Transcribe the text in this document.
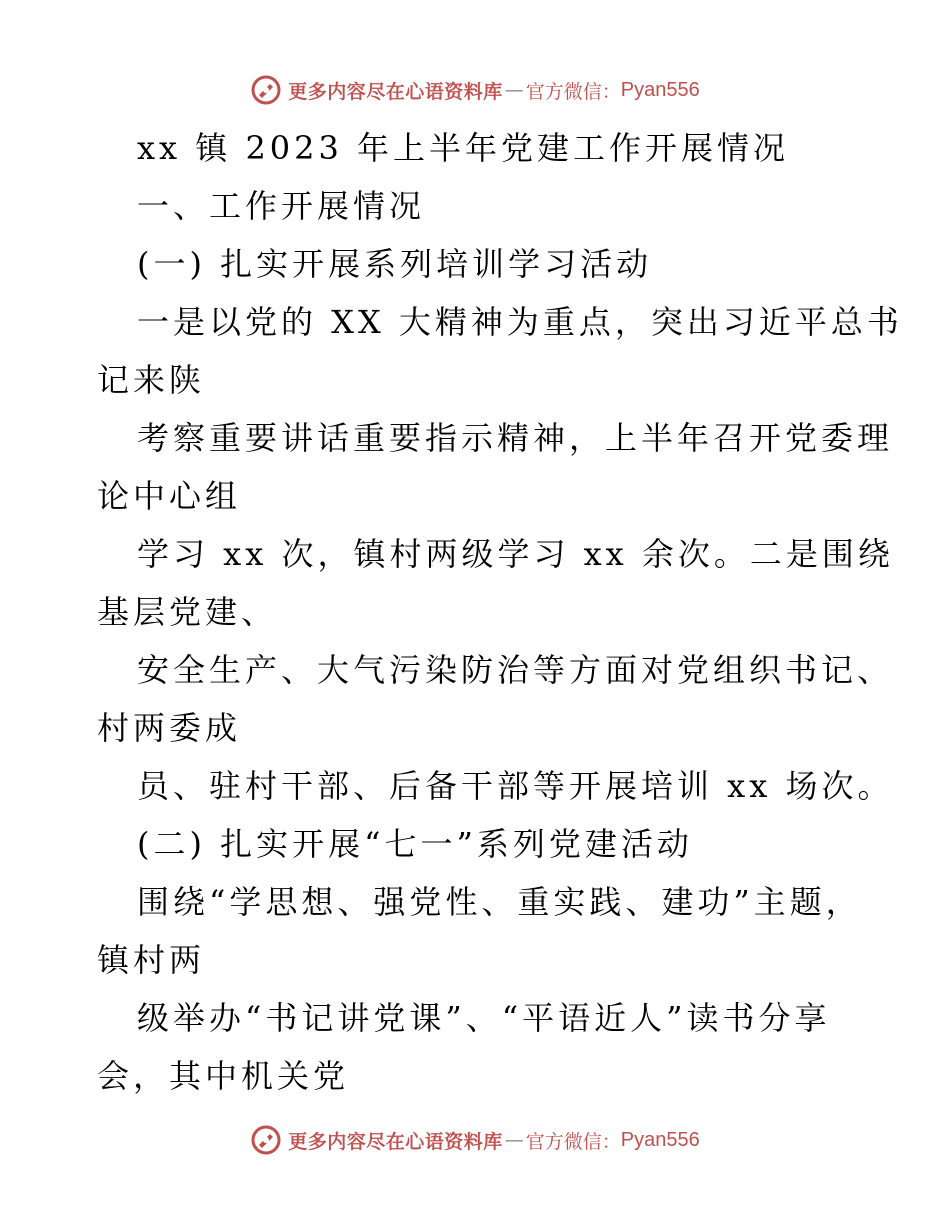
更多内容尽在心语资料库 — 官方微信： Pyan556
xx 镇 2023 年上半年党建工作开展情况
一、工作开展情况
(一) 扎实开展系列培训学习活动
一是以党的 XX 大精神为重点，突出习近平总书
记来陕
考察重要讲话重要指示精神，上半年召开党委理
论中心组
学习 xx 次，镇村两级学习 xx 余次。二是围绕
基层党建、
安全生产、大气污染防治等方面对党组织书记、
村两委成
员、驻村干部、后备干部等开展培训 xx 场次。
(二) 扎实开展“七一”系列党建活动
围绕“学思想、强党性、重实践、建功”主题，
镇村两
级举办“书记讲党课”、“平语近人”读书分享
会，其中机关党
更多内容尽在心语资料库 — 官方微信： Pyan556
